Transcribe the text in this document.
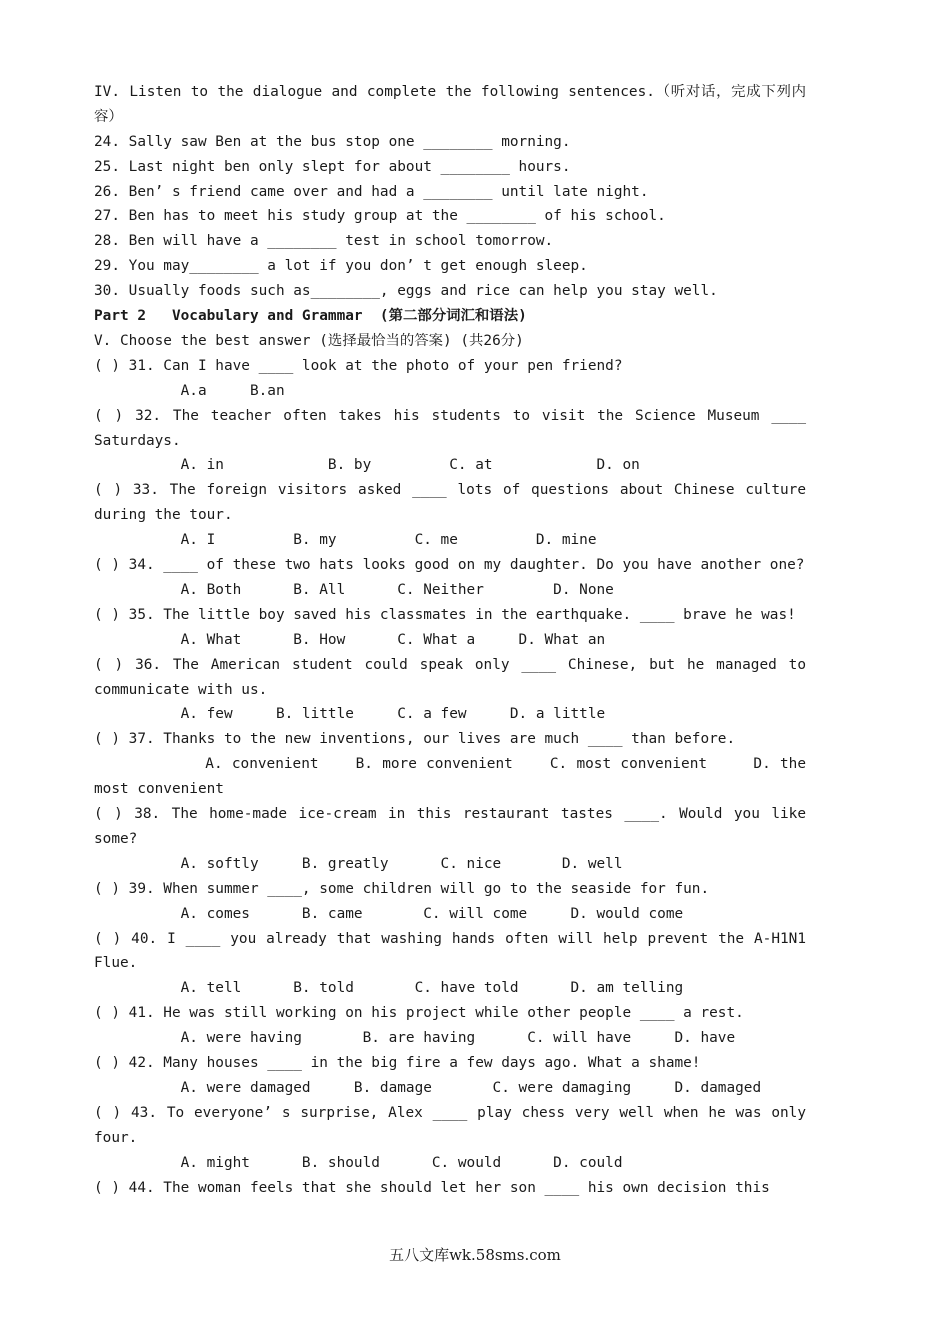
IV. Listen to the dialogue and complete the following sentences.（听对话，完成下列内容）
24. Sally saw Ben at the bus stop one ________ morning.
25. Last night ben only slept for about ________ hours.
26. Ben’ s friend came over and had a ________ until late night.
27. Ben has to meet his study group at the ________ of his school.
28. Ben will have a ________ test in school tomorrow.
29. You may________ a lot if you don’ t get enough sleep.
30. Usually foods such as________, eggs and rice can help you stay well.
Part 2   Vocabulary and Grammar  (第二部分词汇和语法)
V. Choose the best answer (选择最恰当的答案) (共26分)
( ) 31. Can I have ____ look at the photo of your pen friend?
A.a     B.an
( ) 32. The teacher often takes his students to visit the Science Museum ____ Saturdays.
A. in            B. by         C. at            D. on
( ) 33. The foreign visitors asked ____ lots of questions about Chinese culture during the tour.
A. I         B. my         C. me         D. mine
( ) 34. ____ of these two hats looks good on my daughter. Do you have another one?
A. Both      B. All      C. Neither        D. None
( ) 35. The little boy saved his classmates in the earthquake. ____ brave he was!
A. What      B. How      C. What a     D. What an
( ) 36. The American student could speak only ____ Chinese, but he managed to communicate with us.
A. few     B. little     C. a few     D. a little
( ) 37. Thanks to the new inventions, our lives are much ____ than before.
A. convenient    B. more convenient    C. most convenient     D. the most convenient
( ) 38. The home-made ice-cream in this restaurant tastes ____. Would you like some?
A. softly     B. greatly      C. nice       D. well
( ) 39. When summer ____, some children will go to the seaside for fun.
A. comes      B. came       C. will come     D. would come
( ) 40. I ____ you already that washing hands often will help prevent the A-H1N1 Flue.
A. tell      B. told       C. have told      D. am telling
( ) 41. He was still working on his project while other people ____ a rest.
A. were having       B. are having      C. will have     D. have
( ) 42. Many houses ____ in the big fire a few days ago. What a shame!
A. were damaged     B. damage       C. were damaging     D. damaged
( ) 43. To everyone’ s surprise, Alex ____ play chess very well when he was only four.
A. might      B. should      C. would      D. could
( ) 44. The woman feels that she should let her son ____ his own decision this
五八文库wk.58sms.com
